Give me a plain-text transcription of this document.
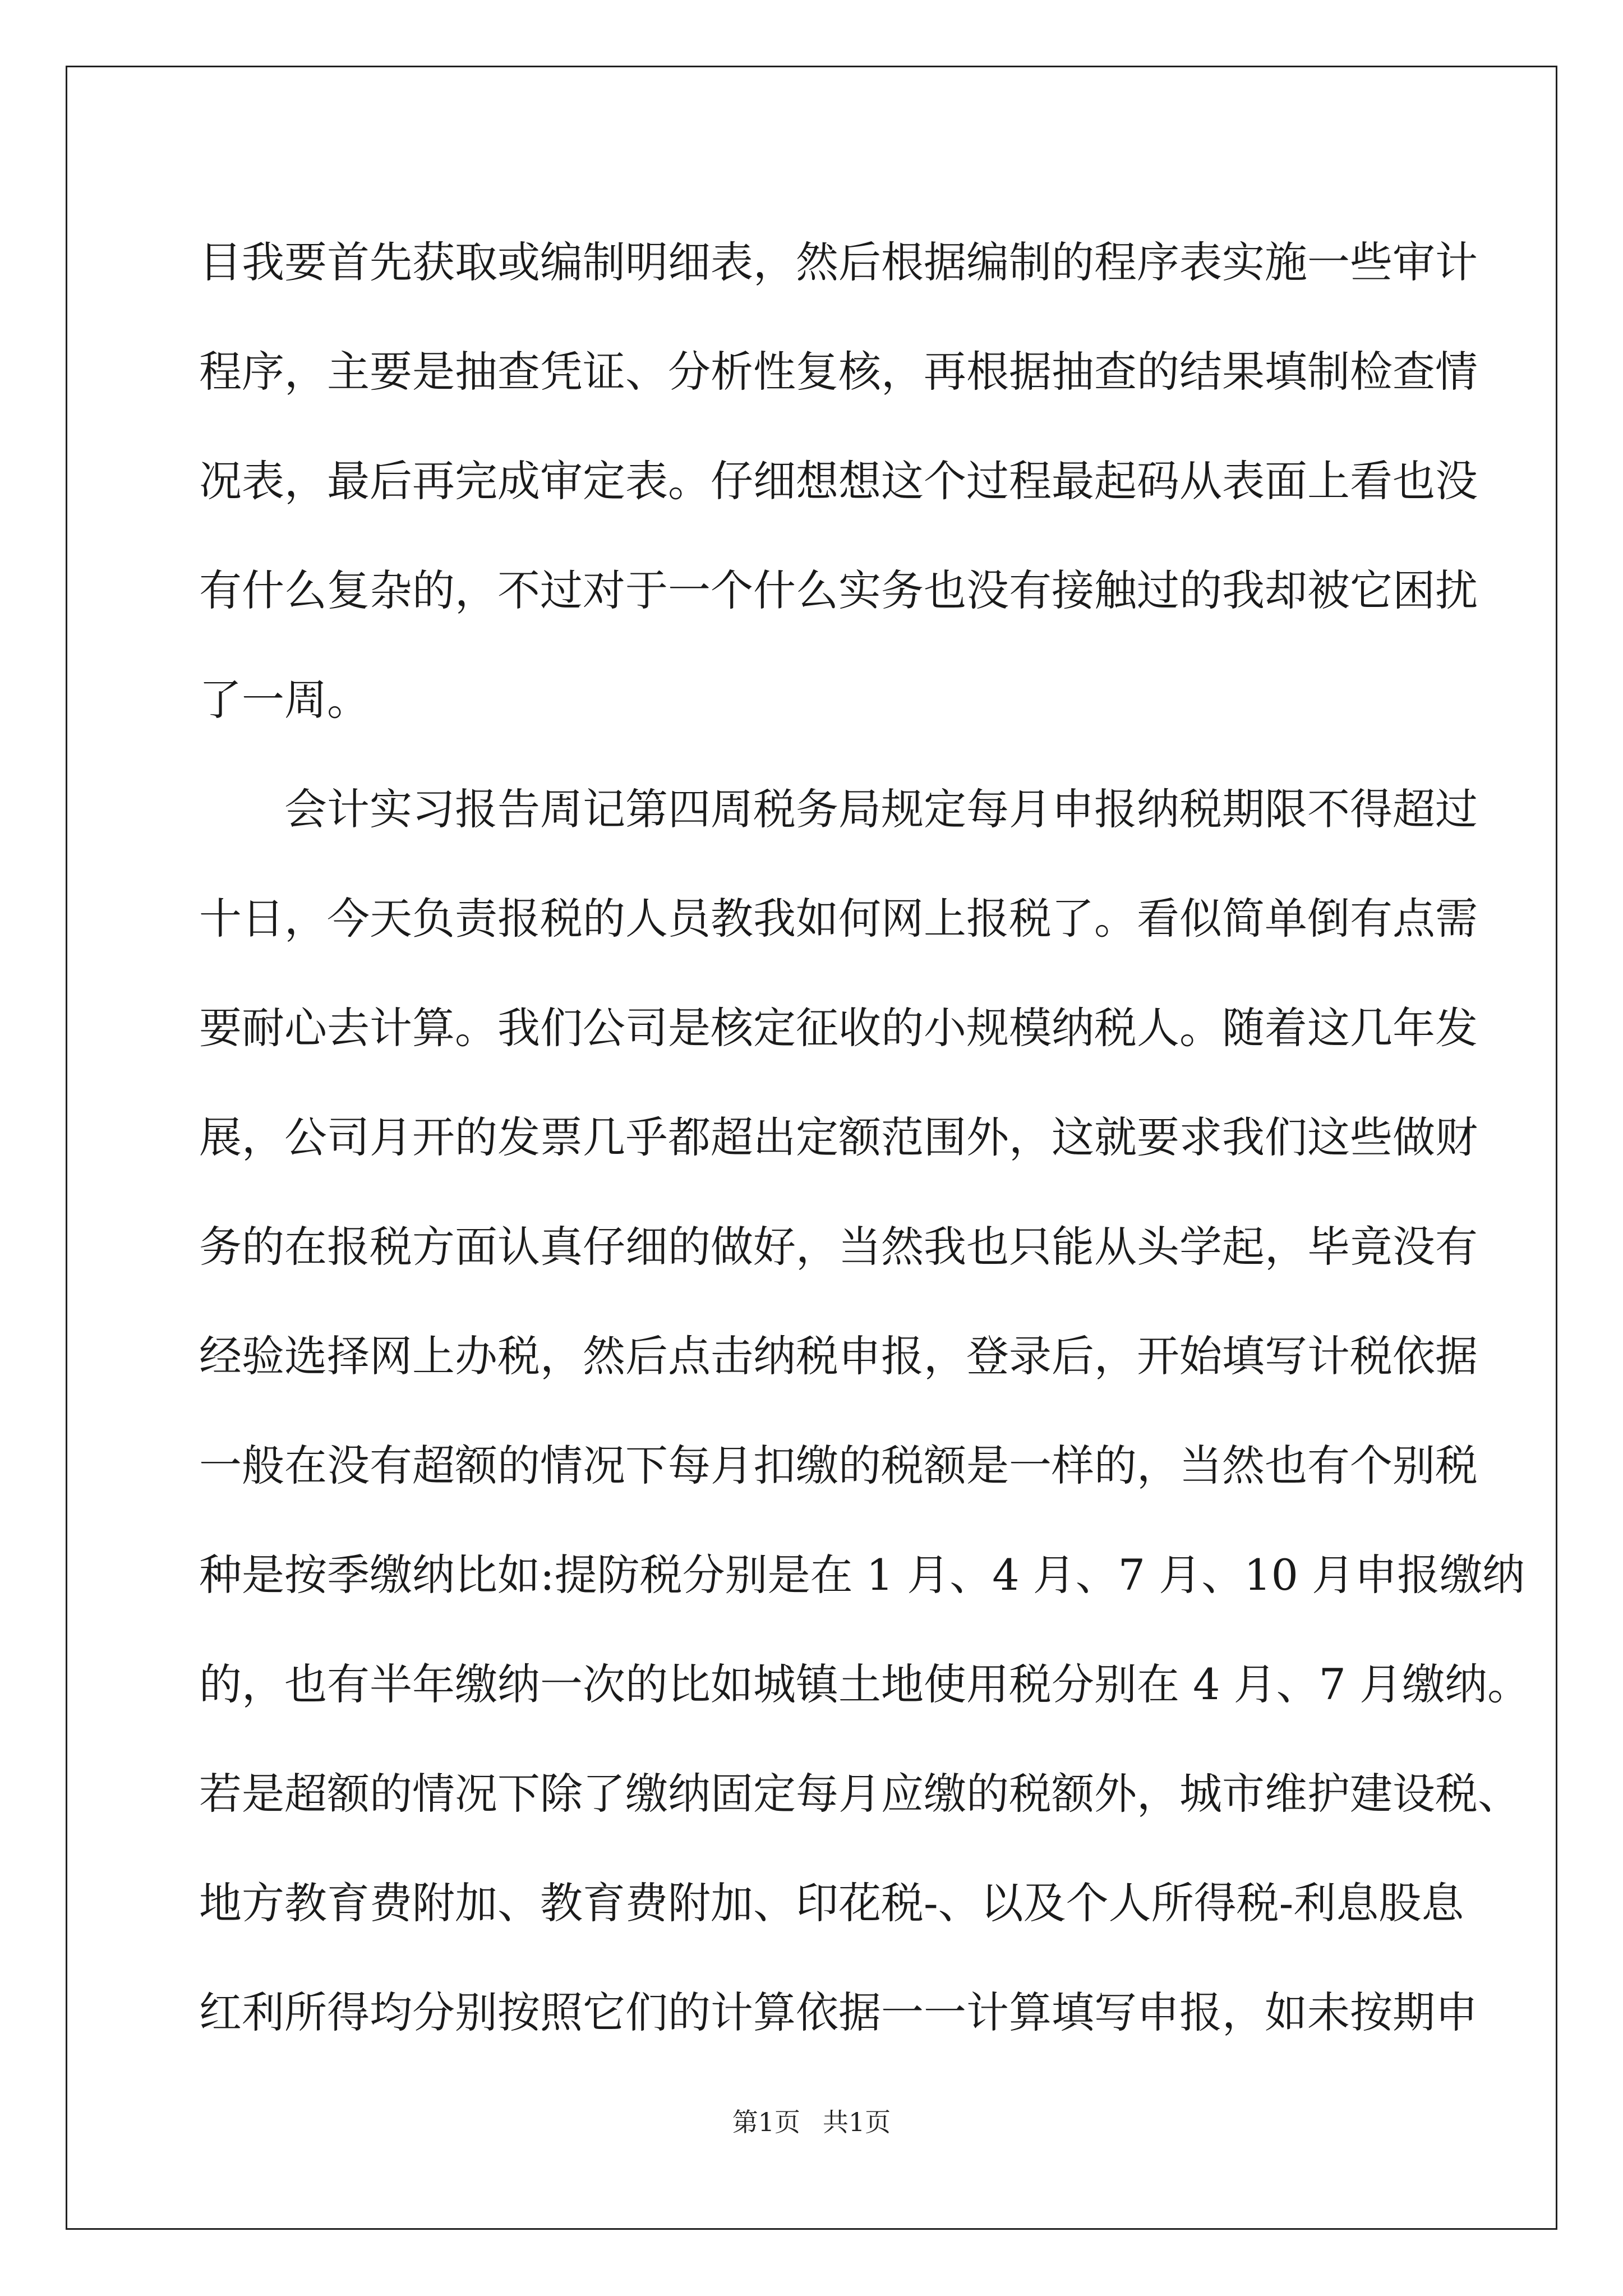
目我要首先获取或编制明细表，然后根据编制的程序表实施一些审计
程序，主要是抽查凭证、分析性复核，再根据抽查的结果填制检查情
况表，最后再完成审定表。仔细想想这个过程最起码从表面上看也没
有什么复杂的，不过对于一个什么实务也没有接触过的我却被它困扰
了一周。
会计实习报告周记第四周税务局规定每月申报纳税期限不得超过
十日，今天负责报税的人员教我如何网上报税了。看似简单倒有点需
要耐心去计算。我们公司是核定征收的小规模纳税人。随着这几年发
展，公司月开的发票几乎都超出定额范围外，这就要求我们这些做财
务的在报税方面认真仔细的做好，当然我也只能从头学起，毕竟没有
经验选择网上办税，然后点击纳税申报，登录后，开始填写计税依据
一般在没有超额的情况下每月扣缴的税额是一样的，当然也有个别税
种是按季缴纳比如:提防税分别是在 1 月、4 月、7 月、10 月申报缴纳
的，也有半年缴纳一次的比如城镇土地使用税分别在 4 月、7 月缴纳。
若是超额的情况下除了缴纳固定每月应缴的税额外，城市维护建设税、
地方教育费附加、教育费附加、印花税-、以及个人所得税-利息股息
红利所得均分别按照它们的计算依据一一计算填写申报，如未按期申
第1页 共1页
